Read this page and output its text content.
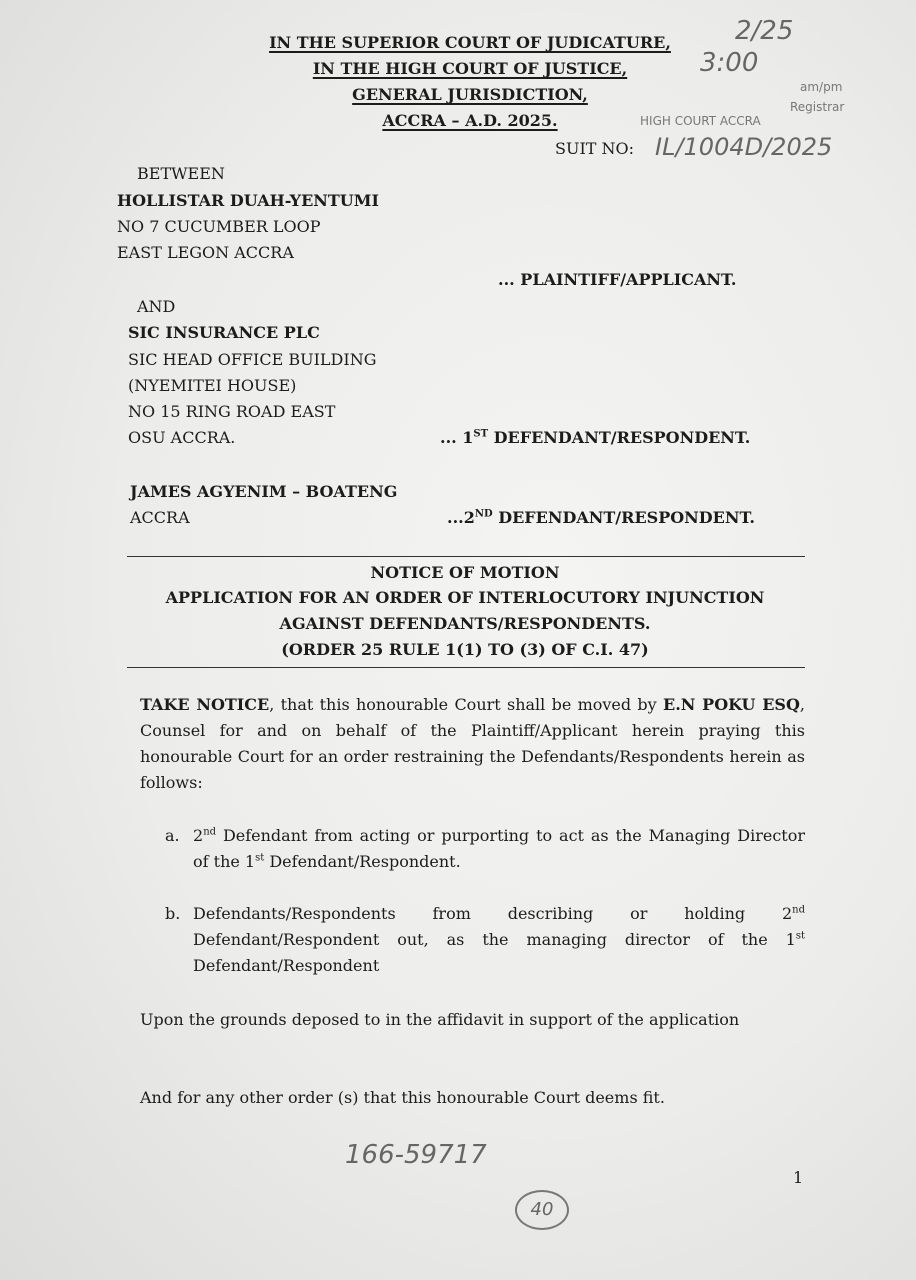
IN THE SUPERIOR COURT OF JUDICATURE,
IN THE HIGH COURT OF JUSTICE,
GENERAL JURISDICTION,
ACCRA – A.D. 2025.
2/25
3:00
am/pm
Registrar
HIGH COURT ACCRA
SUIT NO: IL/1004D/2025
BETWEEN
HOLLISTAR DUAH-YENTUMI
NO 7 CUCUMBER LOOP
EAST LEGON ACCRA
... PLAINTIFF/APPLICANT.
AND
SIC INSURANCE PLC
SIC HEAD OFFICE BUILDING
(NYEMITEI HOUSE)
NO 15 RING ROAD EAST
OSU ACCRA.	... 1ST DEFENDANT/RESPONDENT.
JAMES AGYENIM – BOATENG
ACCRA	...2ND DEFENDANT/RESPONDENT.
NOTICE OF MOTION
APPLICATION FOR AN ORDER OF INTERLOCUTORY INJUNCTION
AGAINST DEFENDANTS/RESPONDENTS.
(ORDER 25 RULE 1(1) TO (3) OF C.I. 47)
TAKE NOTICE, that this honourable Court shall be moved by E.N POKU ESQ, Counsel for and on behalf of the Plaintiff/Applicant herein praying this honourable Court for an order restraining the Defendants/Respondents herein as follows:
a. 2nd Defendant from acting or purporting to act as the Managing Director of the 1st Defendant/Respondent.
b. Defendants/Respondents from describing or holding 2nd Defendant/Respondent out, as the managing director of the 1st Defendant/Respondent
Upon the grounds deposed to in the affidavit in support of the application
And for any other order (s) that this honourable Court deems fit.
166-59717
1
40
